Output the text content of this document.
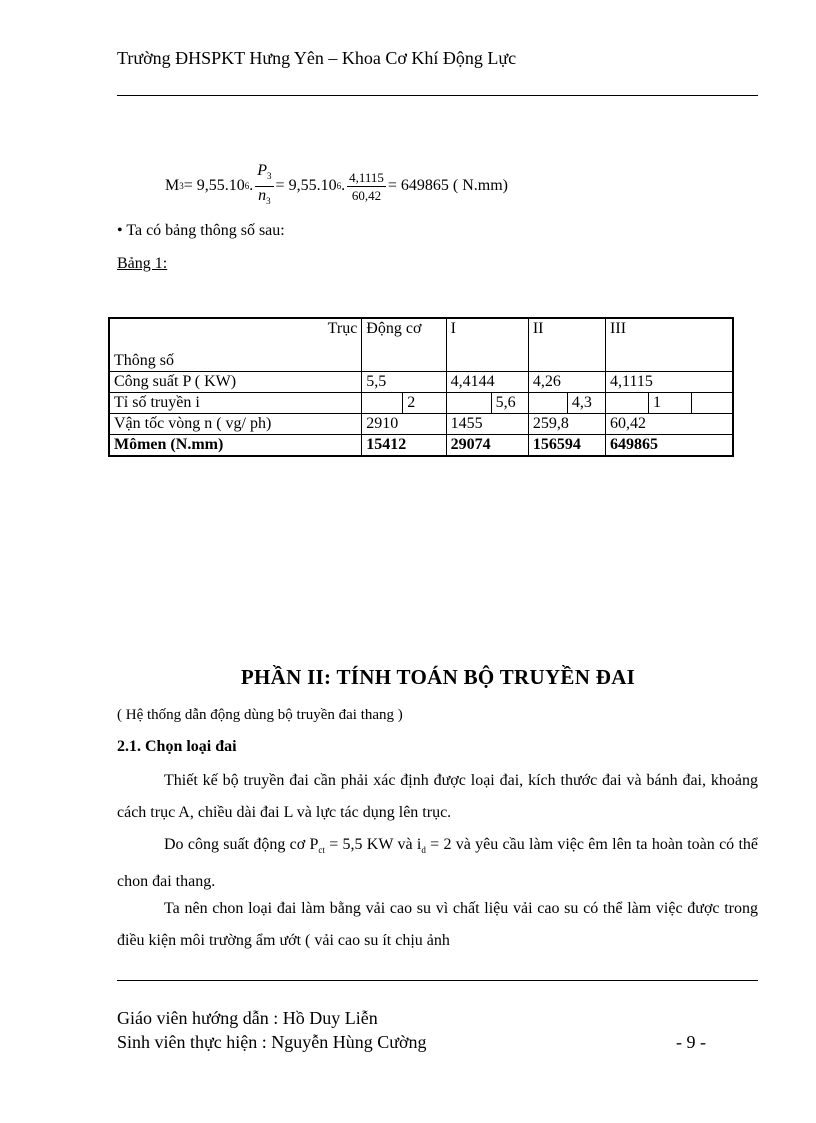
Trường ĐHSPKT Hưng Yên – Khoa Cơ Khí Động Lực
M 3 = 9,55.10 6 . $\frac{P_3}{n_3} = 9,55.10$ 6 . $\frac{4,1115}{60,42} = 649865$ ( N.mm)
• Ta có bảng thông số sau:
Bảng 1:
Trục
Thông số	Động cơ	I	II	III
Công suất P ( KW)	5,5	4,4144	4,26	4,1115
Tỉ số truyền i	2	5,6	4,3	1

Vận tốc vòng n ( vg/ ph)	2910	1455	259,8	60,42
Mômen (N.mm)	15412	29074	156594	649865
PHẦN II: TÍNH TOÁN BỘ TRUYỀN ĐAI
( Hệ thống dẫn động dùng bộ truyền đai thang )
2.1. Chọn loại đai
Thiết kế bộ truyền đai cần phải xác định được loại đai, kích thước đai và bánh đai, khoảng cách trục A, chiều dài đai L và lực tác dụng lên trục.
Do công suất động cơ $P_{ct} = 5,5$ KW và $i_d = 2$ và yêu cầu làm việc êm lên ta hoàn toàn có thể chon đai thang.
Ta nên chon loại đai làm bằng vải cao su vì chất liệu vải cao su có thể làm việc được trong điều kiện môi trường ẩm ướt ( vải cao su ít chịu ảnh
Giáo viên hướng dẫn : Hồ Duy Liễn
Sinh viên thực hiện : Nguyễn Hùng Cường	- 9 -
